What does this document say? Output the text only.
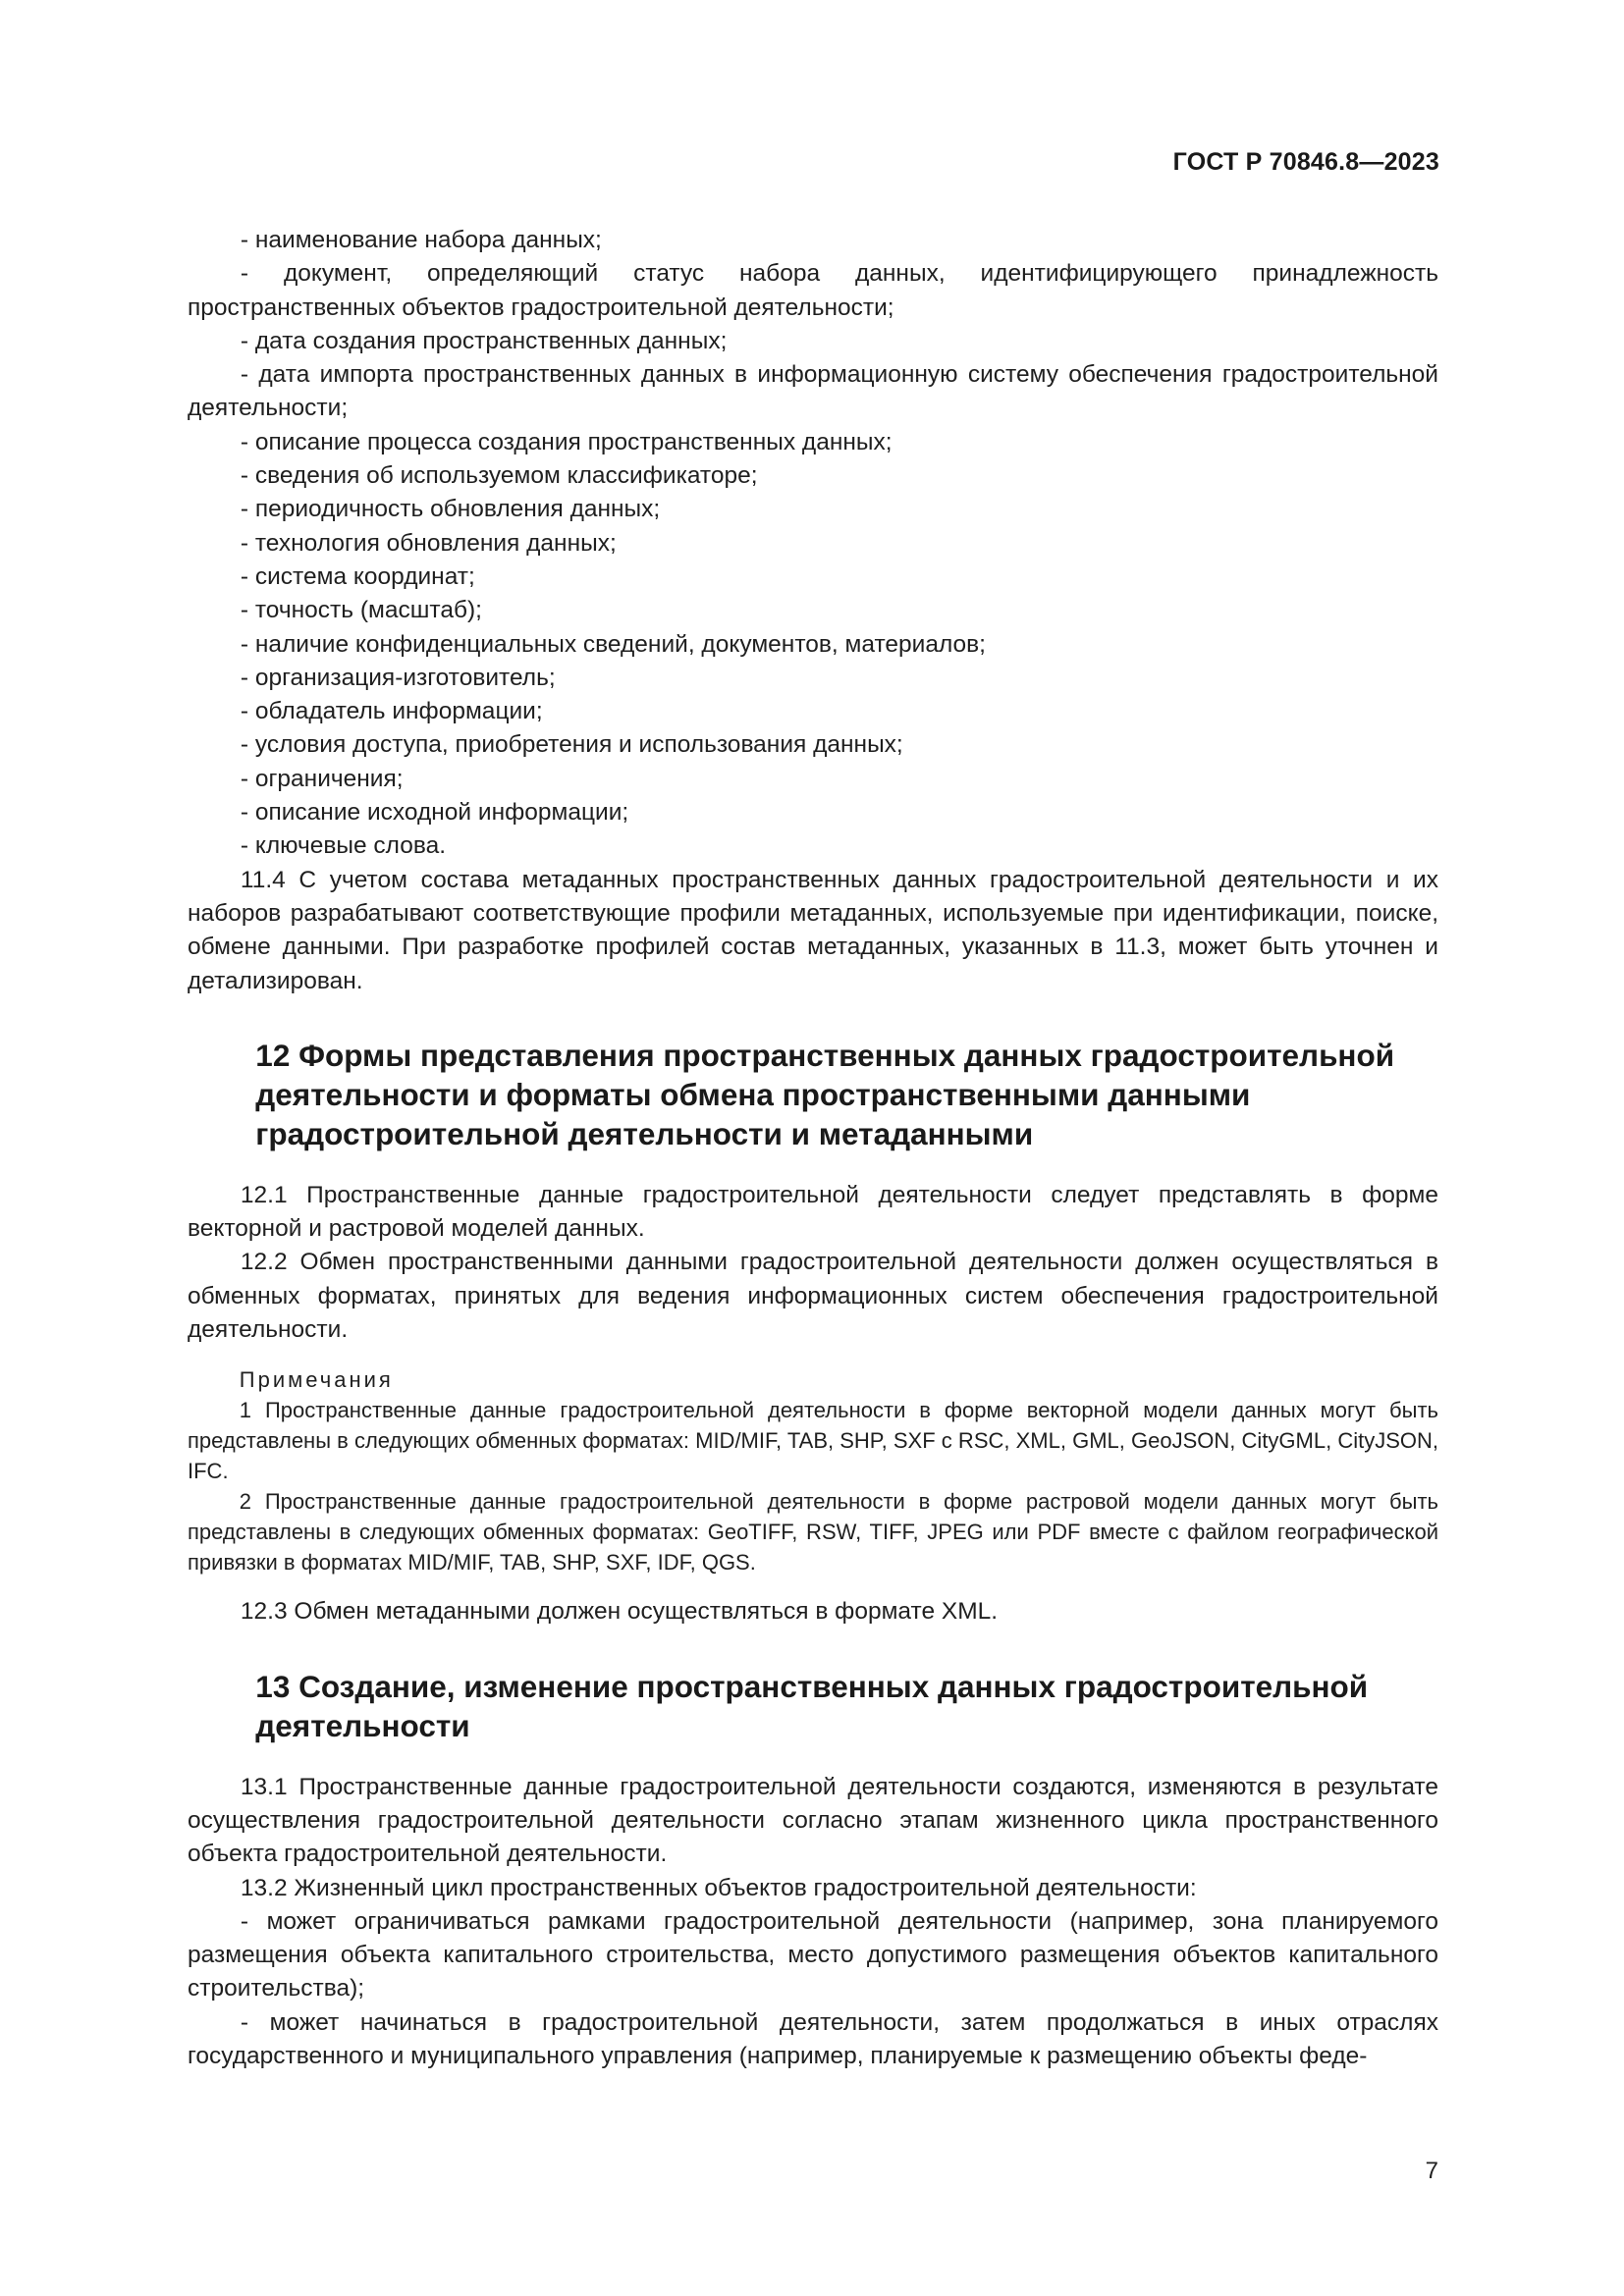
ГОСТ Р 70846.8—2023

- наименование набора данных;

- документ, определяющий статус набора данных, идентифицирующего принадлежность пространственных объектов градостроительной деятельности;

- дата создания пространственных данных;

- дата импорта пространственных данных в информационную систему обеспечения градостроительной деятельности;

- описание процесса создания пространственных данных;

- сведения об используемом классификаторе;

- периодичность обновления данных;

- технология обновления данных;

- система координат;

- точность (масштаб);

- наличие конфиденциальных сведений, документов, материалов;

- организация-изготовитель;

- обладатель информации;

- условия доступа, приобретения и использования данных;

- ограничения;

- описание исходной информации;

- ключевые слова.

11.4 С учетом состава метаданных пространственных данных градостроительной деятельности и их наборов разрабатывают соответствующие профили метаданных, используемые при идентификации, поиске, обмене данными. При разработке профилей состав метаданных, указанных в 11.3, может быть уточнен и детализирован.

12 Формы представления пространственных данных градостроительной деятельности и форматы обмена пространственными данными градостроительной деятельности и метаданными

12.1 Пространственные данные градостроительной деятельности следует представлять в форме векторной и растровой моделей данных.

12.2 Обмен пространственными данными градостроительной деятельности должен осуществляться в обменных форматах, принятых для ведения информационных систем обеспечения градостроительной деятельности.

Примечания

1 Пространственные данные градостроительной деятельности в форме векторной модели данных могут быть представлены в следующих обменных форматах: MID/MIF, TAB, SHP, SXF с RSC, XML, GML, GeoJSON, CityGML, CityJSON, IFC.

2 Пространственные данные градостроительной деятельности в форме растровой модели данных могут быть представлены в следующих обменных форматах: GeoTIFF, RSW, TIFF, JPEG или PDF вместе с файлом географической привязки в форматах MID/MIF, TAB, SHP, SXF, IDF, QGS.

12.3 Обмен метаданными должен осуществляться в формате XML.

13 Создание, изменение пространственных данных градостроительной деятельности

13.1 Пространственные данные градостроительной деятельности создаются, изменяются в результате осуществления градостроительной деятельности согласно этапам жизненного цикла пространственного объекта градостроительной деятельности.

13.2 Жизненный цикл пространственных объектов градостроительной деятельности:

- может ограничиваться рамками градостроительной деятельности (например, зона планируемого размещения объекта капитального строительства, место допустимого размещения объектов капитального строительства);

- может начинаться в градостроительной деятельности, затем продолжаться в иных отраслях государственного и муниципального управления (например, планируемые к размещению объекты феде-

7
